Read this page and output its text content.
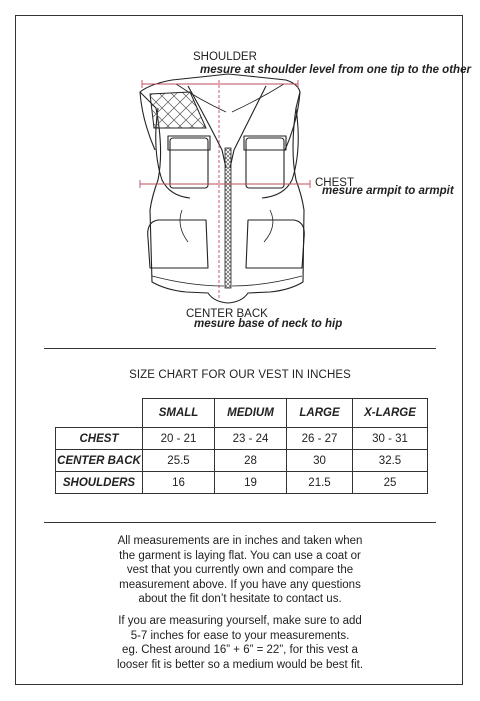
SHOULDER
mesure at shoulder level from one tip to the other
CHEST
mesure armpit to armpit
CENTER BACK
mesure base of neck to hip
SIZE CHART FOR OUR VEST IN INCHES
	SMALL	MEDIUM	LARGE	X-LARGE
CHEST	20 - 21	23 - 24	26 - 27	30 - 31
CENTER BACK	25.5	28	30	32.5
SHOULDERS	16	19	21.5	25
All measurements are in inches and taken when
the garment is laying flat. You can use a coat or
vest that you currently own and compare the
measurement above. If you have any questions
about the fit don’t hesitate to contact us.
If you are measuring yourself, make sure to add
5-7 inches for ease to your measurements.
eg. Chest around 16” + 6” = 22”, for this vest a
looser fit is better so a medium would be best fit.
